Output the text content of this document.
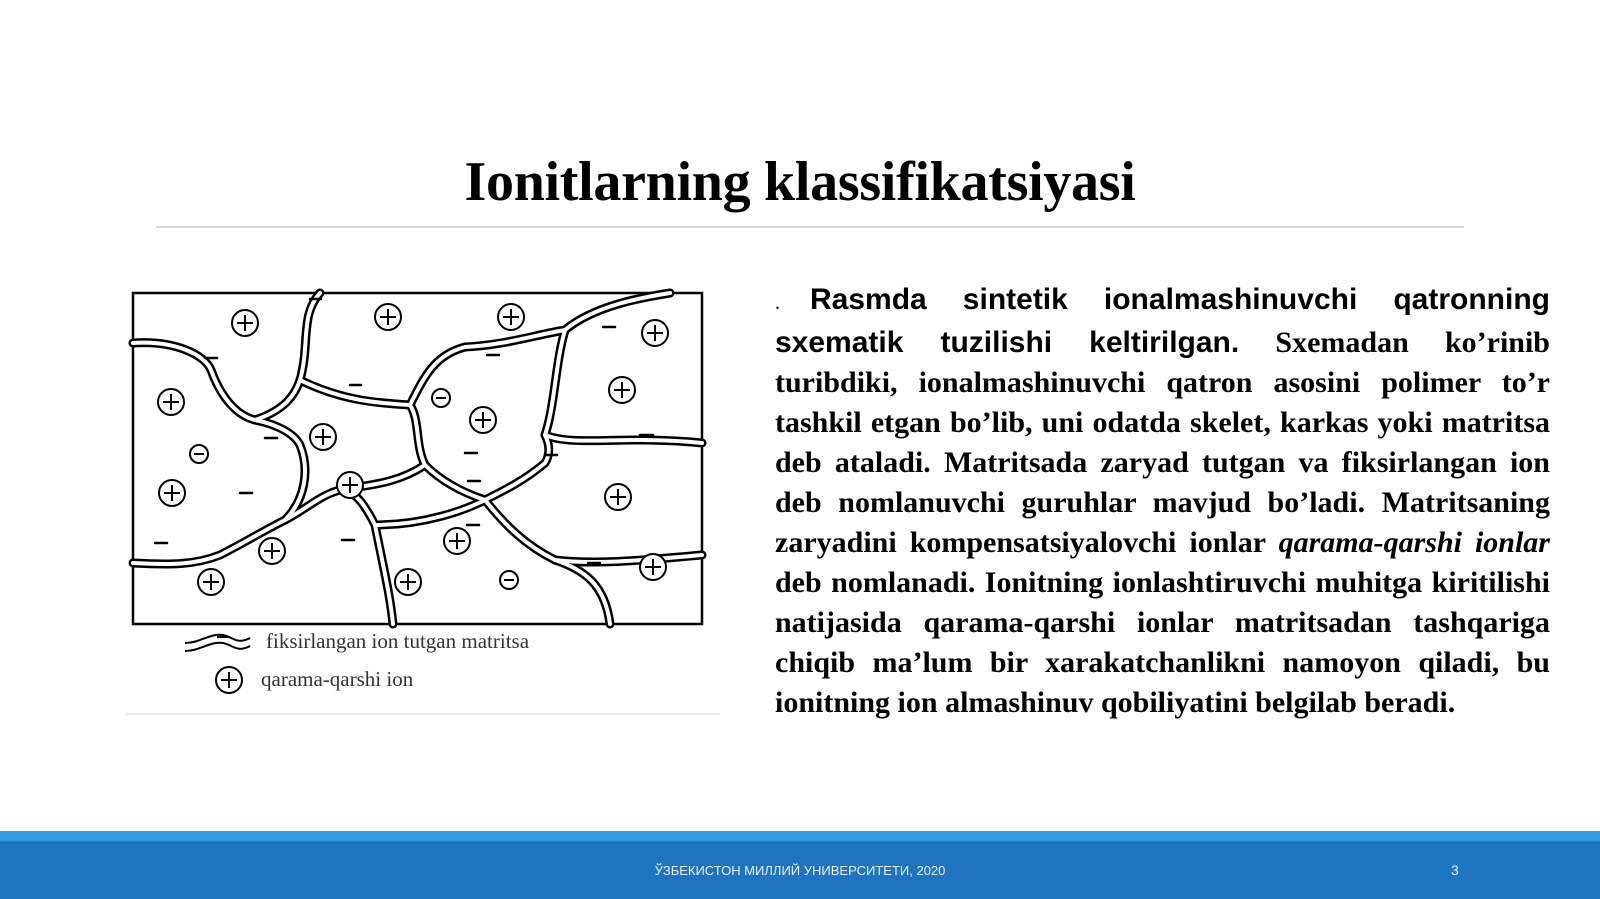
Ionitlarning klassifikatsiyasi
fiksirlangan ion tutgan matritsa
qarama-qarshi ion
. Rasmda sintetik ionalmashinuvchi qatronning sxematik tuzilishi keltirilgan. Sxemadan ko’rinib turibdiki, ionalmashinuvchi qatron asosini polimer to’r tashkil etgan bo’lib, uni odatda skelet, karkas yoki matritsa deb ataladi. Matritsada zaryad tutgan va fiksirlangan ion deb nomlanuvchi guruhlar mavjud bo’ladi. Matritsaning zaryadini kompensatsiyalovchi ionlar qarama-qarshi ionlar deb nomlanadi. Ionitning ionlashtiruvchi muhitga kiritilishi natijasida qarama-qarshi ionlar matritsadan tashqariga chiqib ma’lum bir xarakatchanlikni namoyon qiladi, bu ionitning ion almashinuv qobiliyatini belgilab beradi.
ЎЗБЕКИСТОН МИЛЛИЙ УНИВЕРСИТЕТИ, 2020	3
